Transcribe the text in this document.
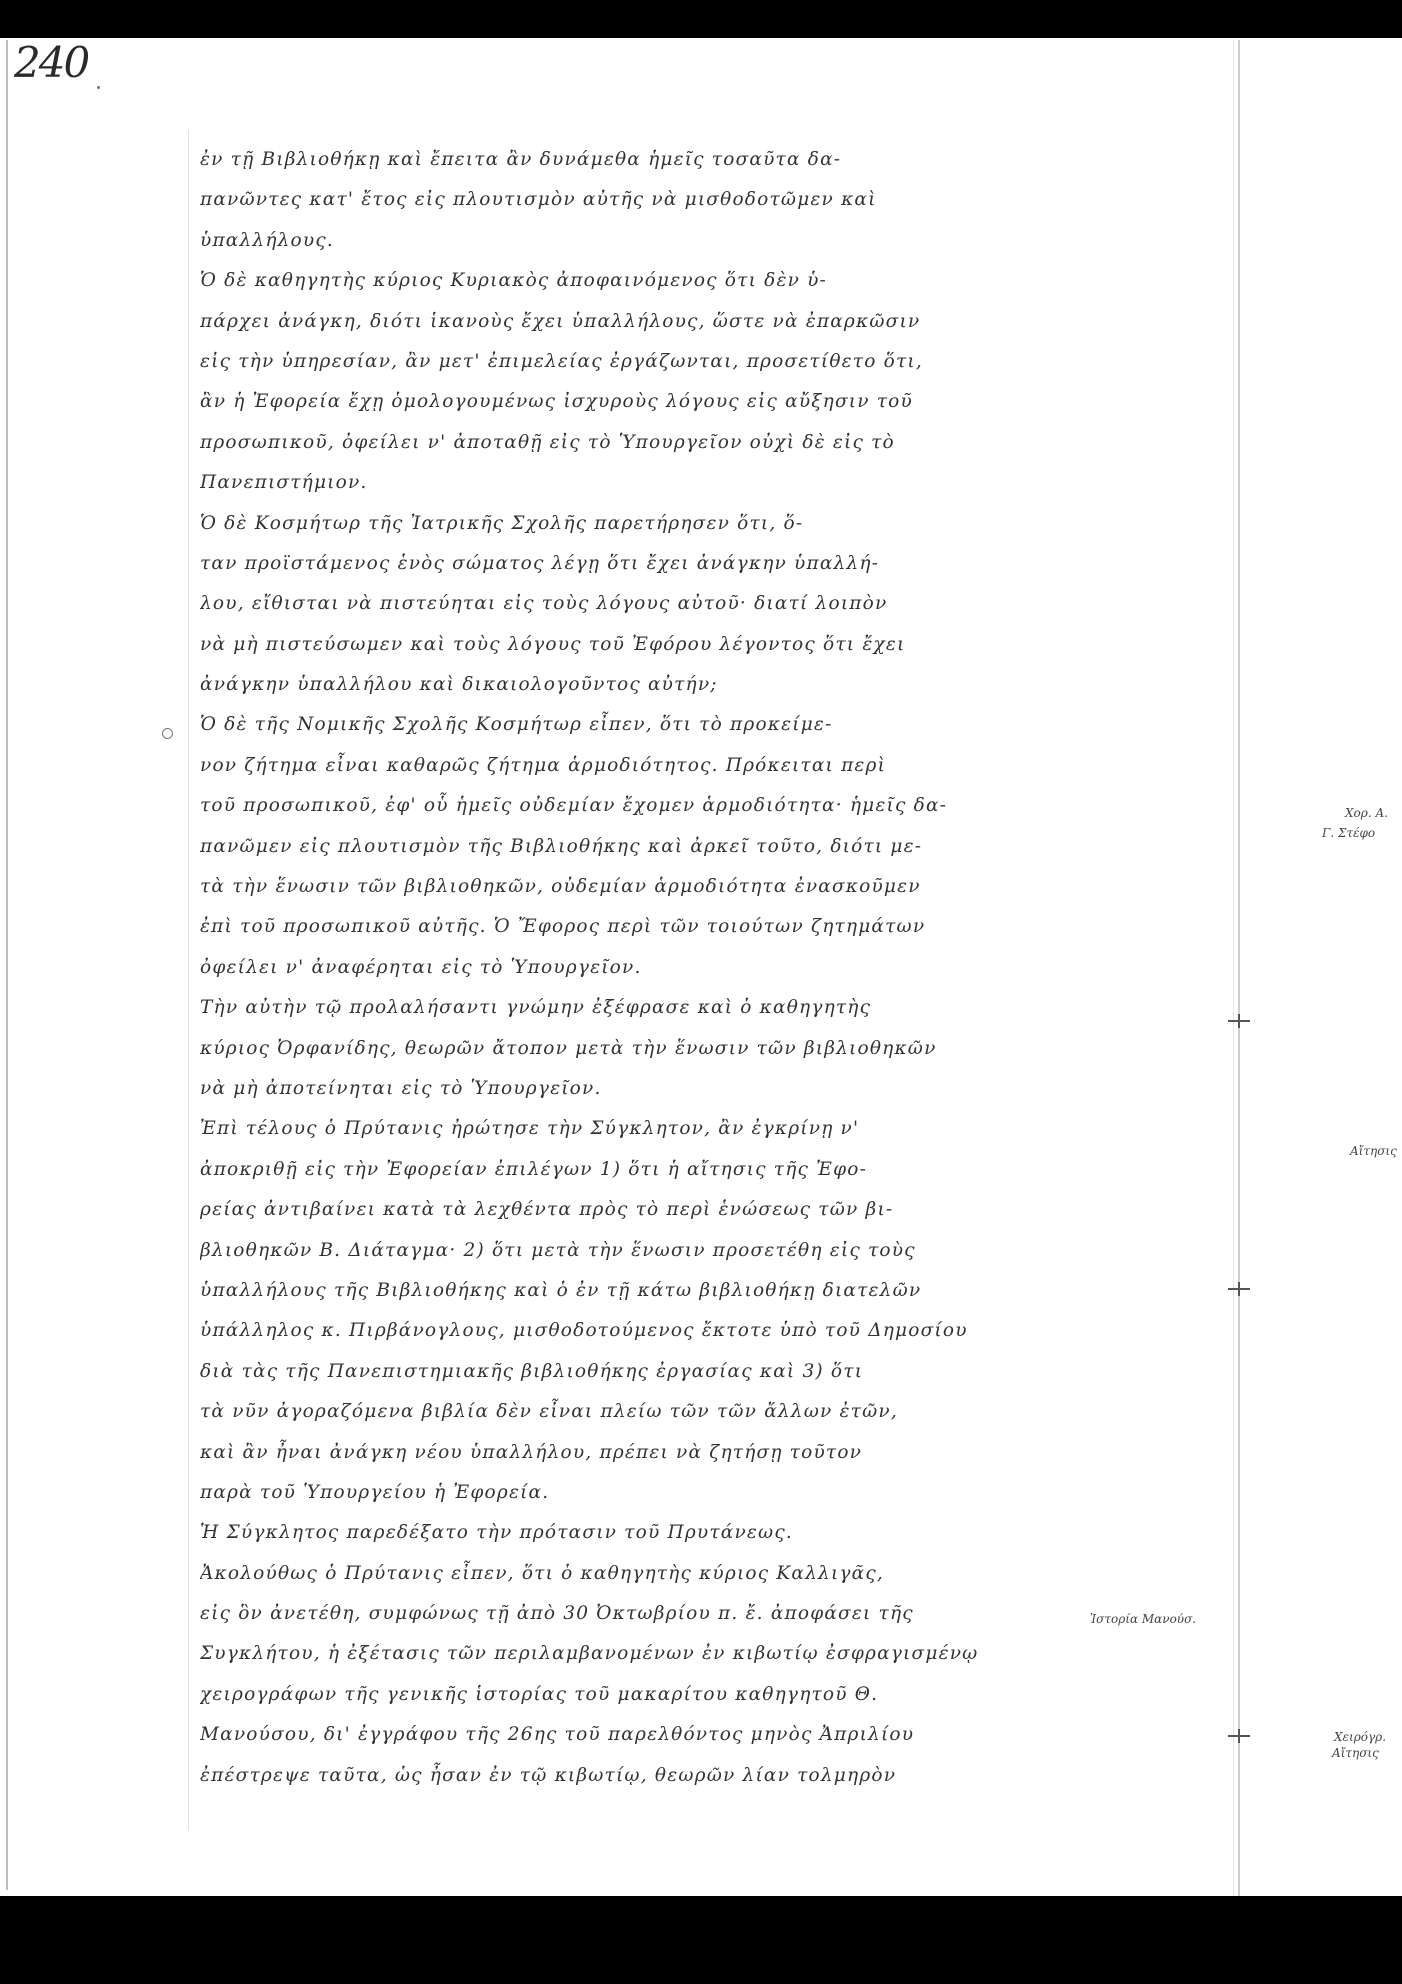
240
ἐν τῇ Βιβλιοθήκῃ καὶ ἔπειτα ἂν δυνάμεθα ἡμεῖς τοσαῦτα δα-
πανῶντες κατ' ἔτος εἰς πλουτισμὸν αὐτῆς νὰ μισθοδοτῶμεν καὶ
ὑπαλλήλους.
Ὁ δὲ καθηγητὴς κύριος Κυριακὸς ἀποφαινόμενος ὅτι δὲν ὑ-
πάρχει ἀνάγκη, διότι ἱκανοὺς ἔχει ὑπαλλήλους, ὥστε νὰ ἐπαρκῶσιν
εἰς τὴν ὑπηρεσίαν, ἂν μετ' ἐπιμελείας ἐργάζωνται, προσετίθετο ὅτι,
ἂν ἡ Ἐφορεία ἔχῃ ὁμολογουμένως ἰσχυροὺς λόγους εἰς αὔξησιν τοῦ
προσωπικοῦ, ὀφείλει ν' ἀποταθῇ εἰς τὸ Ὑπουργεῖον οὐχὶ δὲ εἰς τὸ
Πανεπιστήμιον.
Ὁ δὲ Κοσμήτωρ τῆς Ἰατρικῆς Σχολῆς παρετήρησεν ὅτι, ὅ-
ταν προϊστάμενος ἑνὸς σώματος λέγῃ ὅτι ἔχει ἀνάγκην ὑπαλλή-
λου, εἴθισται νὰ πιστεύηται εἰς τοὺς λόγους αὐτοῦ· διατί λοιπὸν
νὰ μὴ πιστεύσωμεν καὶ τοὺς λόγους τοῦ Ἐφόρου λέγοντος ὅτι ἔχει
ἀνάγκην ὑπαλλήλου καὶ δικαιολογοῦντος αὐτήν;
Ὁ δὲ τῆς Νομικῆς Σχολῆς Κοσμήτωρ εἶπεν, ὅτι τὸ προκείμε-
νον ζήτημα εἶναι καθαρῶς ζήτημα ἁρμοδιότητος. Πρόκειται περὶ
τοῦ προσωπικοῦ, ἐφ' οὗ ἡμεῖς οὐδεμίαν ἔχομεν ἁρμοδιότητα· ἡμεῖς δα-
πανῶμεν εἰς πλουτισμὸν τῆς Βιβλιοθήκης καὶ ἀρκεῖ τοῦτο, διότι με-
τὰ τὴν ἕνωσιν τῶν βιβλιοθηκῶν, οὐδεμίαν ἁρμοδιότητα ἐνασκοῦμεν
ἐπὶ τοῦ προσωπικοῦ αὐτῆς. Ὁ Ἔφορος περὶ τῶν τοιούτων ζητημάτων
ὀφείλει ν' ἀναφέρηται εἰς τὸ Ὑπουργεῖον.
Τὴν αὐτὴν τῷ προλαλήσαντι γνώμην ἐξέφρασε καὶ ὁ καθηγητὴς
κύριος Ὀρφανίδης, θεωρῶν ἄτοπον μετὰ τὴν ἕνωσιν τῶν βιβλιοθηκῶν
νὰ μὴ ἀποτείνηται εἰς τὸ Ὑπουργεῖον.
Ἐπὶ τέλους ὁ Πρύτανις ἠρώτησε τὴν Σύγκλητον, ἂν ἐγκρίνῃ ν'
ἀποκριθῇ εἰς τὴν Ἐφορείαν ἐπιλέγων 1) ὅτι ἡ αἴτησις τῆς Ἐφο-
ρείας ἀντιβαίνει κατὰ τὰ λεχθέντα πρὸς τὸ περὶ ἑνώσεως τῶν βι-
βλιοθηκῶν Β. Διάταγμα· 2) ὅτι μετὰ τὴν ἕνωσιν προσετέθη εἰς τοὺς
ὑπαλλήλους τῆς Βιβλιοθήκης καὶ ὁ ἐν τῇ κάτω βιβλιοθήκῃ διατελῶν
ὑπάλληλος κ. Πιρβάνογλους, μισθοδοτούμενος ἔκτοτε ὑπὸ τοῦ Δημοσίου
διὰ τὰς τῆς Πανεπιστημιακῆς βιβλιοθήκης ἐργασίας καὶ 3) ὅτι
τὰ νῦν ἀγοραζόμενα βιβλία δὲν εἶναι πλείω τῶν τῶν ἄλλων ἐτῶν,
καὶ ἂν ἦναι ἀνάγκη νέου ὑπαλλήλου, πρέπει νὰ ζητήσῃ τοῦτον
παρὰ τοῦ Ὑπουργείου ἡ Ἐφορεία.
Ἡ Σύγκλητος παρεδέξατο τὴν πρότασιν τοῦ Πρυτάνεως.
Ἀκολούθως ὁ Πρύτανις εἶπεν, ὅτι ὁ καθηγητὴς κύριος Καλλιγᾶς,
εἰς ὃν ἀνετέθη, συμφώνως τῇ ἀπὸ 30 Ὀκτωβρίου π. ἔ. ἀποφάσει τῆς
Συγκλήτου, ἡ ἐξέτασις τῶν περιλαμβανομένων ἐν κιβωτίῳ ἐσφραγισμένῳ
χειρογράφων τῆς γενικῆς ἱστορίας τοῦ μακαρίτου καθηγητοῦ Θ.
Μανούσου, δι' ἐγγράφου τῆς 26ης τοῦ παρελθόντος μηνὸς Ἀπριλίου
ἐπέστρεψε ταῦτα, ὡς ἦσαν ἐν τῷ κιβωτίῳ, θεωρῶν λίαν τολμηρὸν
Χορ. Α.
Γ. Στέφο
Αἴτησις
Ἱστορία Μανούσ.
Χειρόγρ.
Αἴτησις
